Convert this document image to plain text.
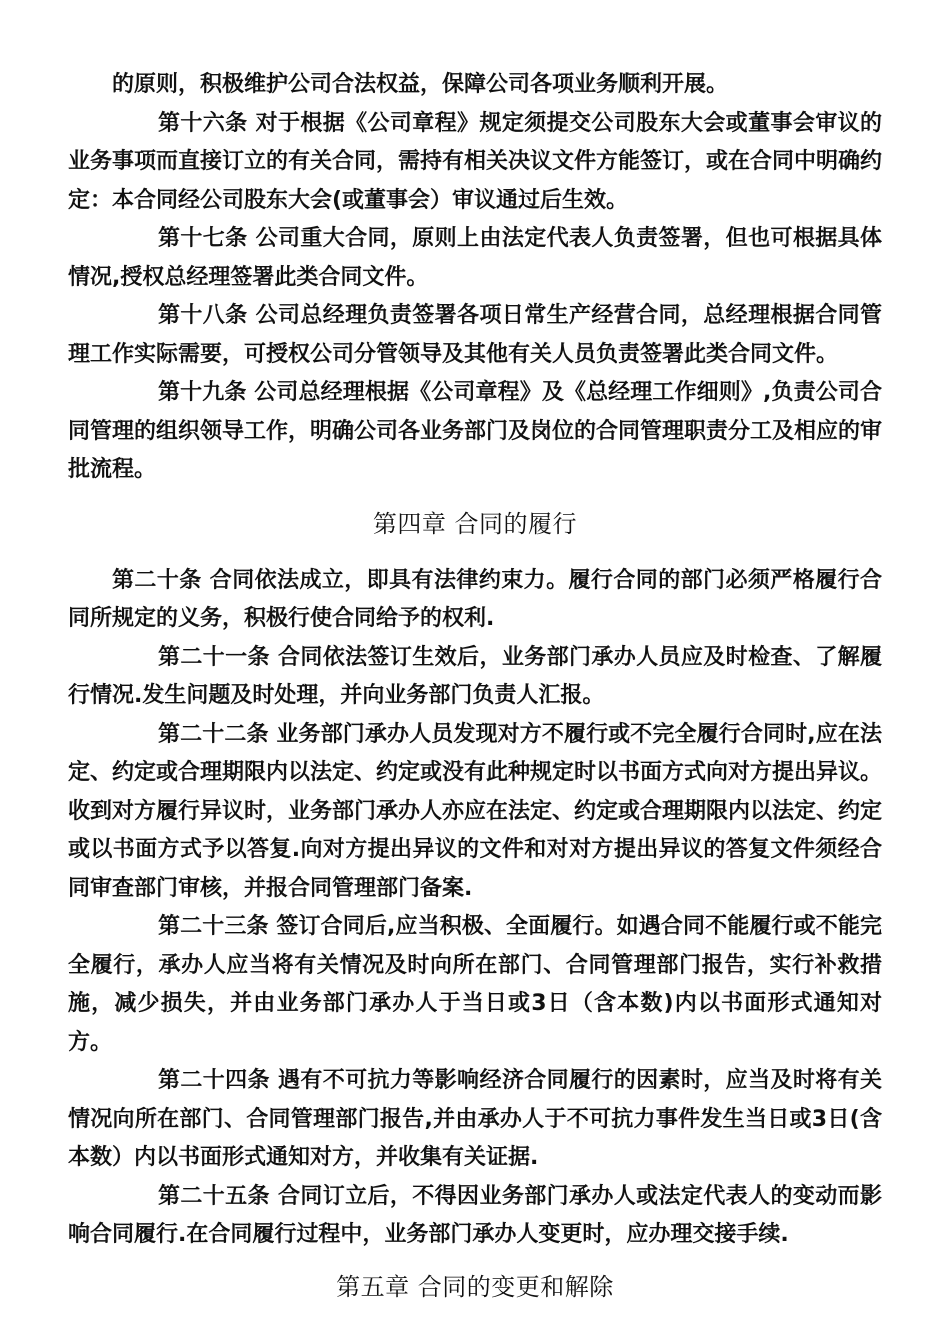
的原则，积极维护公司合法权益，保障公司各项业务顺利开展。

第十六条 对于根据《公司章程》规定须提交公司股东大会或董事会审议的业务事项而直接订立的有关合同，需持有相关决议文件方能签订，或在合同中明确约定：本合同经公司股东大会(或董事会）审议通过后生效。

第十七条 公司重大合同，原则上由法定代表人负责签署，但也可根据具体情况,授权总经理签署此类合同文件。

第十八条 公司总经理负责签署各项日常生产经营合同，总经理根据合同管理工作实际需要，可授权公司分管领导及其他有关人员负责签署此类合同文件。

第十九条 公司总经理根据《公司章程》及《总经理工作细则》,负责公司合同管理的组织领导工作，明确公司各业务部门及岗位的合同管理职责分工及相应的审批流程。

第四章 合同的履行

第二十条 合同依法成立，即具有法律约束力。履行合同的部门必须严格履行合同所规定的义务，积极行使合同给予的权利.

第二十一条 合同依法签订生效后，业务部门承办人员应及时检查、了解履行情况.发生问题及时处理，并向业务部门负责人汇报。

第二十二条 业务部门承办人员发现对方不履行或不完全履行合同时,应在法定、约定或合理期限内以法定、约定或没有此种规定时以书面方式向对方提出异议。收到对方履行异议时，业务部门承办人亦应在法定、约定或合理期限内以法定、约定或以书面方式予以答复.向对方提出异议的文件和对对方提出异议的答复文件须经合同审查部门审核，并报合同管理部门备案.

第二十三条 签订合同后,应当积极、全面履行。如遇合同不能履行或不能完全履行，承办人应当将有关情况及时向所在部门、合同管理部门报告，实行补救措施，减少损失，并由业务部门承办人于当日或3日（含本数)内以书面形式通知对方。

第二十四条 遇有不可抗力等影响经济合同履行的因素时，应当及时将有关情况向所在部门、合同管理部门报告,并由承办人于不可抗力事件发生当日或3日(含本数）内以书面形式通知对方，并收集有关证据.

第二十五条 合同订立后，不得因业务部门承办人或法定代表人的变动而影响合同履行.在合同履行过程中，业务部门承办人变更时，应办理交接手续.

第五章 合同的变更和解除
